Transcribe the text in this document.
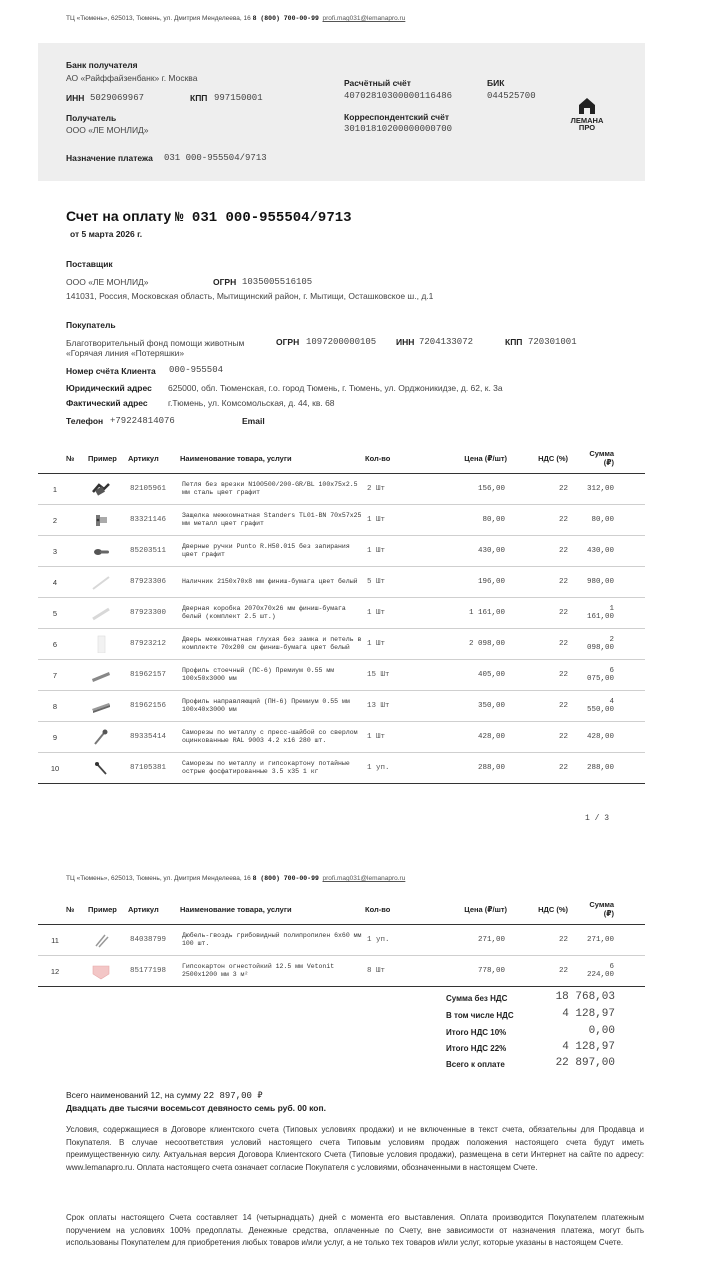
ТЦ «Тюмень», 625013, Тюмень, ул. Дмитрия Менделеева, 16 8 (800) 700-00-99 profi.mag031@lemanapro.ru
Банк получателя
АО «Райффайзенбанк» г. Москва
ИНН 5029069967	КПП 997150001
Получатель
ООО «ЛЕ МОНЛИД»
Расчётный счёт
40702810300000116486
БИК
044525700
Корреспондентский счёт
30101810200000000700
Назначение платежа 031 000-955504/9713
ЛЕМАНА
ПРО
Счет на оплату № 031 000-955504/9713
от 5 марта 2026 г.
Поставщик
ООО «ЛЕ МОНЛИД»	ОГРН 1035005516105
141031, Россия, Московская область, Мытищинский район, г. Мытищи, Осташковское ш., д.1
Покупатель
Благотворительный фонд помощи животным
«Горячая линия «Потеряшки»
ОГРН 1097200000105 ИНН 7204133072	КПП 720301001
Номер счёта Клиента 000-955504
Юридический адрес 625000, обл. Тюменская, г.о. город Тюмень, г. Тюмень, ул. Орджоникидзе, д. 62, к. 3а
Фактический адрес г.Тюмень, ул. Комсомольская, д. 44, кв. 68
Телефон +79224814076	Email
№	Пример	Артикул	Наименование товара, услуги	Кол-во	Цена (₽/шт)	НДС (%)	Сумма (₽)
1		82105961	Петля без врезки N100500/200-GR/BL 100x75x2.5 мм сталь цвет графит	2 Шт	156,00	22	312,00
2		83321146	Защелка межкомнатная Standers TL01-BN 70x57x25 мм металл цвет графит	1 Шт	80,00	22	80,00
3		85203511	Дверные ручки Punto R.H50.015 без запирания цвет графит	1 Шт	430,00	22	430,00
4		87923306	Наличник 2150x70x8 мм финиш-бумага цвет белый	5 Шт	196,00	22	980,00
5		87923300	Дверная коробка 2070x70x26 мм финиш-бумага белый (комплект 2.5 шт.)	1 Шт	1 161,00	22	1 161,00
6		87923212	Дверь межкомнатная глухая без замка и петель в комплекте 70x200 см финиш-бумага цвет белый	1 Шт	2 098,00	22	2 098,00
7		81962157	Профиль стоечный (ПС-6) Премиум 0.55 мм 100x50x3000 мм	15 Шт	405,00	22	6 075,00
8		81962156	Профиль направляющий (ПН-6) Премиум 0.55 мм 100x40x3000 мм	13 Шт	350,00	22	4 550,00
9		89335414	Саморезы по металлу с пресс-шайбой со сверлом оцинкованные RAL 9003 4.2 x16 280 шт.	1 Шт	428,00	22	428,00
10		87105381	Саморезы по металлу и гипсокартону потайные острые фосфатированные 3.5 x35 1 кг	1 уп.	288,00	22	288,00
1 / 3
ТЦ «Тюмень», 625013, Тюмень, ул. Дмитрия Менделеева, 16 8 (800) 700-00-99 profi.mag031@lemanapro.ru
№	Пример	Артикул	Наименование товара, услуги	Кол-во	Цена (₽/шт)	НДС (%)	Сумма (₽)
11		84038799	Дюбель-гвоздь грибовидный полипропилен 6x60 мм 100 шт.	1 уп.	271,00	22	271,00
12		85177198	Гипсокартон огнестойкий 12.5 мм Vetonit 2500x1200 мм 3 м²	8 Шт	778,00	22	6 224,00
Сумма без НДС	18 768,03
В том числе НДС	4 128,97
Итого НДС 10%	0,00
Итого НДС 22%	4 128,97
Всего к оплате	22 897,00
Всего наименований 12, на сумму 22 897,00 ₽
Двадцать две тысячи восемьсот девяносто семь руб. 00 коп.
Условия, содержащиеся в Договоре клиентского счета (Типовых условиях продажи) и не включенные в текст счета, обязательны для Продавца и Покупателя. В случае несоответствия условий настоящего счета Типовым условиям продаж положения настоящего счета будут иметь преимущественную силу. Актуальная версия Договора Клиентского Счета (Типовые условия продажи), размещена в сети Интернет на сайте по адресу: www.lemanapro.ru. Оплата настоящего счета означает согласие Покупателя с условиями, обозначенными в настоящем Счете.
Срок оплаты настоящего Счета составляет 14 (четырнадцать) дней с момента его выставления. Оплата производится Покупателем платежным поручением на условиях 100% предоплаты. Денежные средства, оплаченные по Счету, вне зависимости от назначения платежа, могут быть использованы Покупателем для приобретения любых товаров и/или услуг, а не только тех товаров и/или услуг, которые указаны в настоящем Счете.
